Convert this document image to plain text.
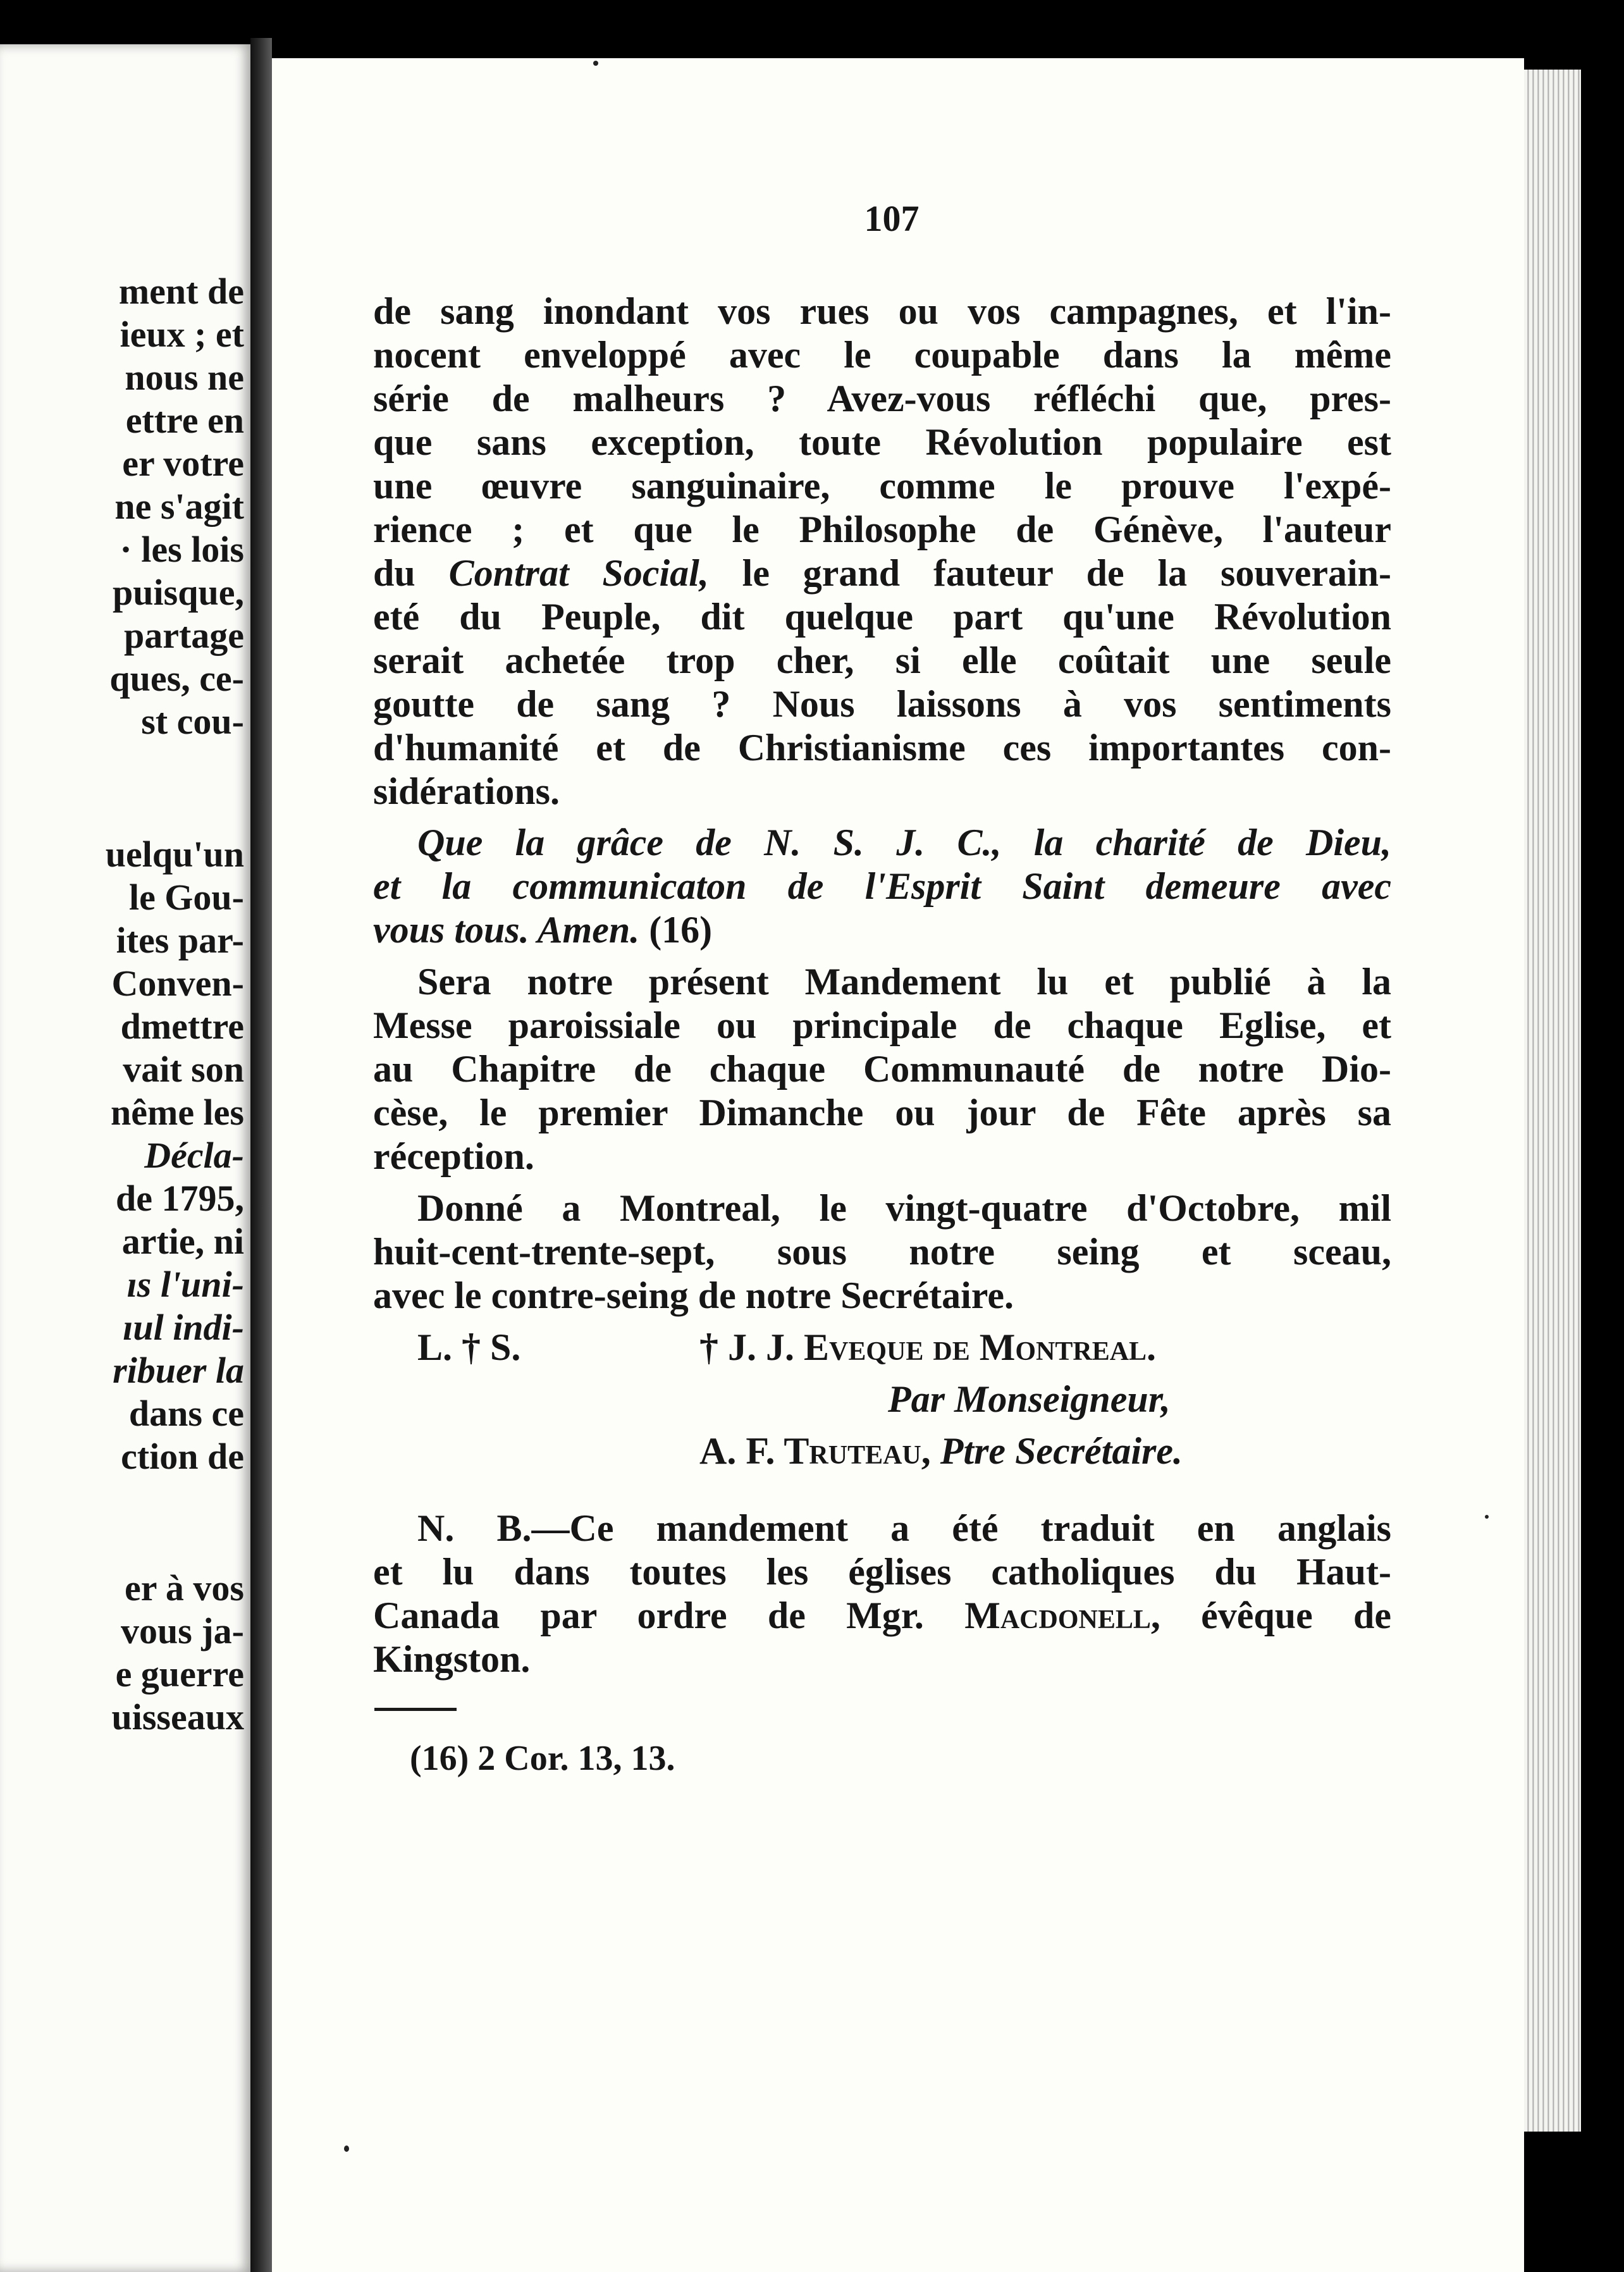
ment de
ieux ; et
nous ne
ettre en
er votre
ne s'agit
· les lois
puisque,
partage
ques, ce-
st cou-
uelqu'un
le Gou-
ites par-
Conven-
dmettre
vait son
nême les
Décla-
de 1795,
artie, ni
ıs l'uni-
ıul indi-
ribuer la
dans ce
ction de
er à vos
vous ja-
e guerre
uisseaux
107
de sang inondant vos rues ou vos campagnes, et l'in-
nocent enveloppé avec le coupable dans la même
série de malheurs ? Avez-vous réfléchi que, pres-
que sans exception, toute Révolution populaire est
une œuvre sanguinaire, comme le prouve l'expé-
rience ; et que le Philosophe de Génève, l'auteur
du Contrat Social, le grand fauteur de la souverain-
eté du Peuple, dit quelque part qu'une Révolution
serait achetée trop cher, si elle coûtait une seule
goutte de sang ? Nous laissons à vos sentiments
d'humanité et de Christianisme ces importantes con-
sidérations.
Que la grâce de N. S. J. C., la charité de Dieu,
et la communicaton de l'Esprit Saint demeure avec
vous tous. Amen. (16)
Sera notre présent Mandement lu et publié à la
Messe paroissiale ou principale de chaque Eglise, et
au Chapitre de chaque Communauté de notre Dio-
cèse, le premier Dimanche ou jour de Fête après sa
réception.
Donné a Montreal, le vingt-quatre d'Octobre, mil
huit-cent-trente-sept, sous notre seing et sceau,
avec le contre-seing de notre Secrétaire.
L. † S.	† J. J. Eveque de Montreal.
Par Monseigneur,
A. F. Truteau, Ptre Secrétaire.
N. B.—Ce mandement a été traduit en anglais
et lu dans toutes les églises catholiques du Haut-
Canada par ordre de Mgr. Macdonell, évêque de
Kingston.
(16) 2 Cor. 13, 13.
